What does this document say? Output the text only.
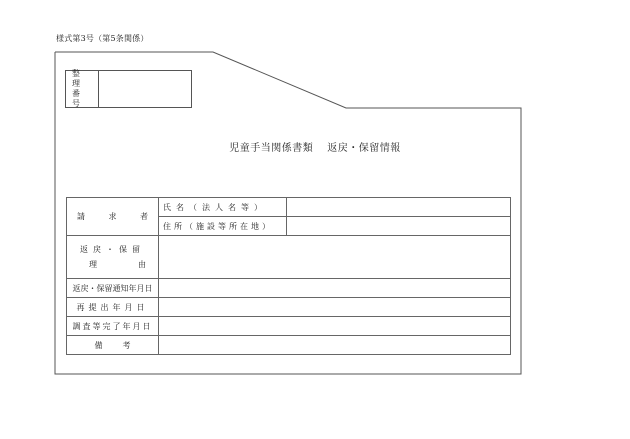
様式第3号（第5条関係）
整理
番号
児童手当関係書類 返戻・保留情報
請 求 者	氏名（法人名等）	
	住所（施設等所在地）	

返戻・保留
理 由		

返戻・保留通知年月日		
再提出年月日		
調査等完了年月日		
備考		
